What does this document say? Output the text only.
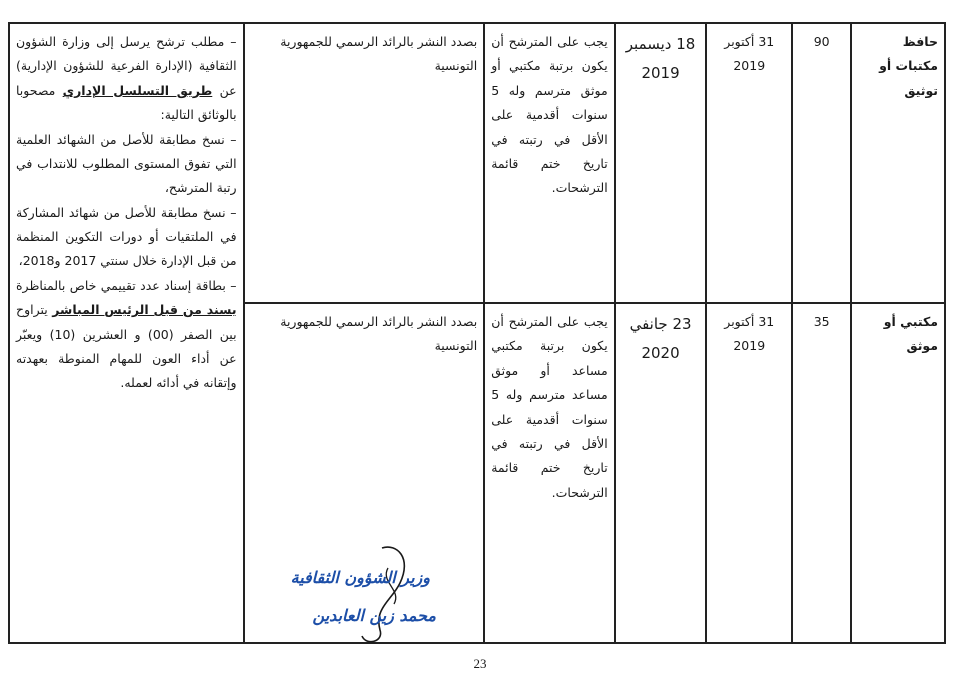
حافظ مكتبات أو توثيق	90	31 أكتوبر 2019	18 ديسمبر 2019	يجب على المترشح أن يكون برتبة مكتبي أو موثق مترسم وله 5 سنوات أقدمية على الأقل في رتبته في تاريخ ختم قائمة الترشحات.	بصدد النشر بالرائد الرسمي للجمهورية التونسية	– مطلب ترشح يرسل إلى وزارة الشؤون الثقافية (الإدارة الفرعية للشؤون الإدارية) عن طريق التسلسل الإداري مصحوبا بالوثائق التالية:
– نسخ مطابقة للأصل من الشهائد العلمية التي تفوق المستوى المطلوب للانتداب في رتبة المترشح،
– نسخ مطابقة للأصل من شهائد المشاركة في الملتقيات أو دورات التكوين المنظمة من قبل الإدارة خلال سنتي 2017 و2018،
– بطاقة إسناد عدد تقييمي خاص بالمناظرة يسند من قبل الرئيس المباشر يتراوح بين الصفر (00) و العشرين (10) ويعبّر عن أداء العون للمهام المنوطة بعهدته وإتقانه في أدائه لعمله.

مكتبي أو موثق	35	31 أكتوبر 2019	23 جانفي 2020	يجب على المترشح أن يكون برتبة مكتبي مساعد أو موثق مساعد مترسم وله 5 سنوات أقدمية على الأقل في رتبته في تاريخ ختم قائمة الترشحات.	بصدد النشر بالرائد الرسمي للجمهورية التونسية	
وزير الشؤون الثقافية
محمد زين العابدين
23
